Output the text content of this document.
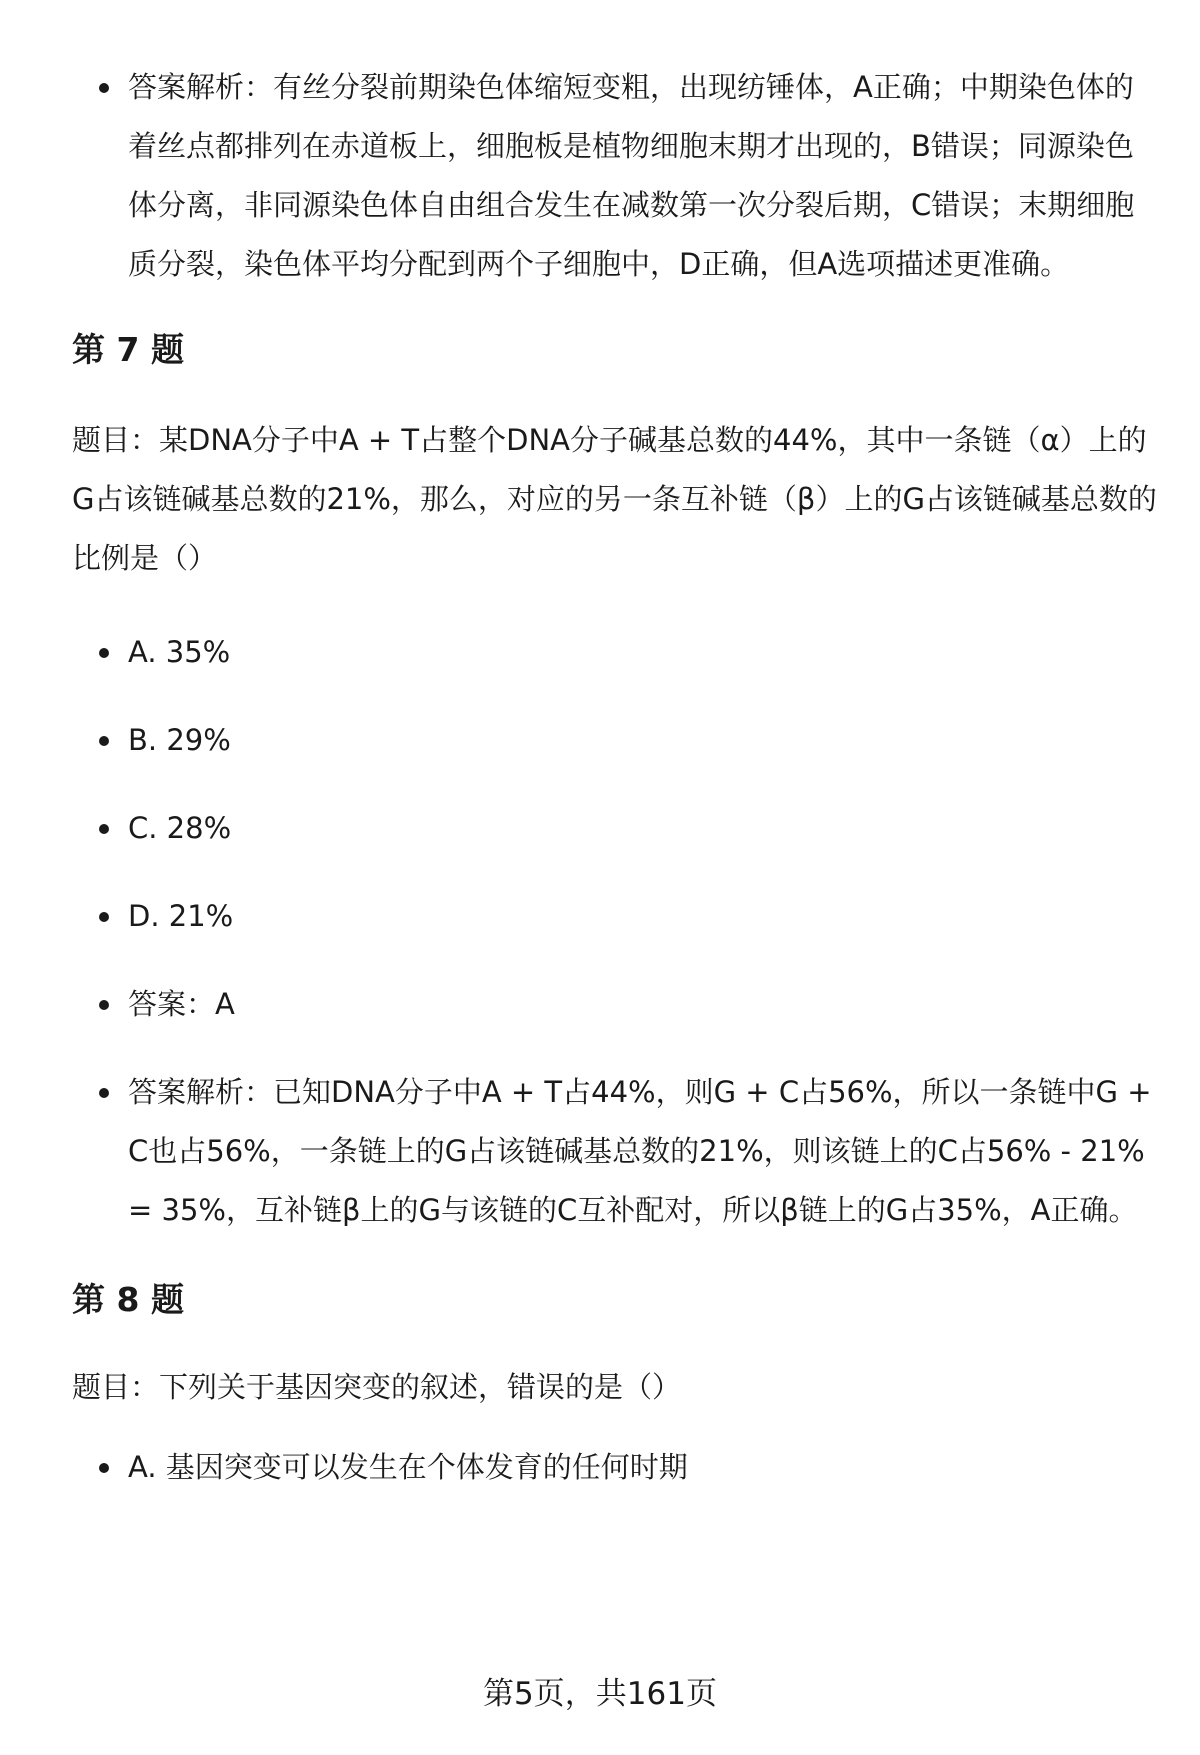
答案解析：有丝分裂前期染色体缩短变粗，出现纺锤体，A正确；中期染色体的着丝点都排列在赤道板上，细胞板是植物细胞末期才出现的，B错误；同源染色体分离，非同源染色体自由组合发生在减数第一次分裂后期，C错误；末期细胞质分裂，染色体平均分配到两个子细胞中，D正确，但A选项描述更准确。
第 7 题

题目：某DNA分子中A + T占整个DNA分子碱基总数的44%，其中一条链（α）上的G占该链碱基总数的21%，那么，对应的另一条互补链（β）上的G占该链碱基总数的比例是（）

A. 35%
B. 29%
C. 28%
D. 21%
答案：A
答案解析：已知DNA分子中A + T占44%，则G + C占56%，所以一条链中G + C也占56%，一条链上的G占该链碱基总数的21%，则该链上的C占56% - 21% = 35%，互补链β上的G与该链的C互补配对，所以β链上的G占35%，A正确。
第 8 题

题目：下列关于基因突变的叙述，错误的是（）

A. 基因突变可以发生在个体发育的任何时期
第5页，共161页
